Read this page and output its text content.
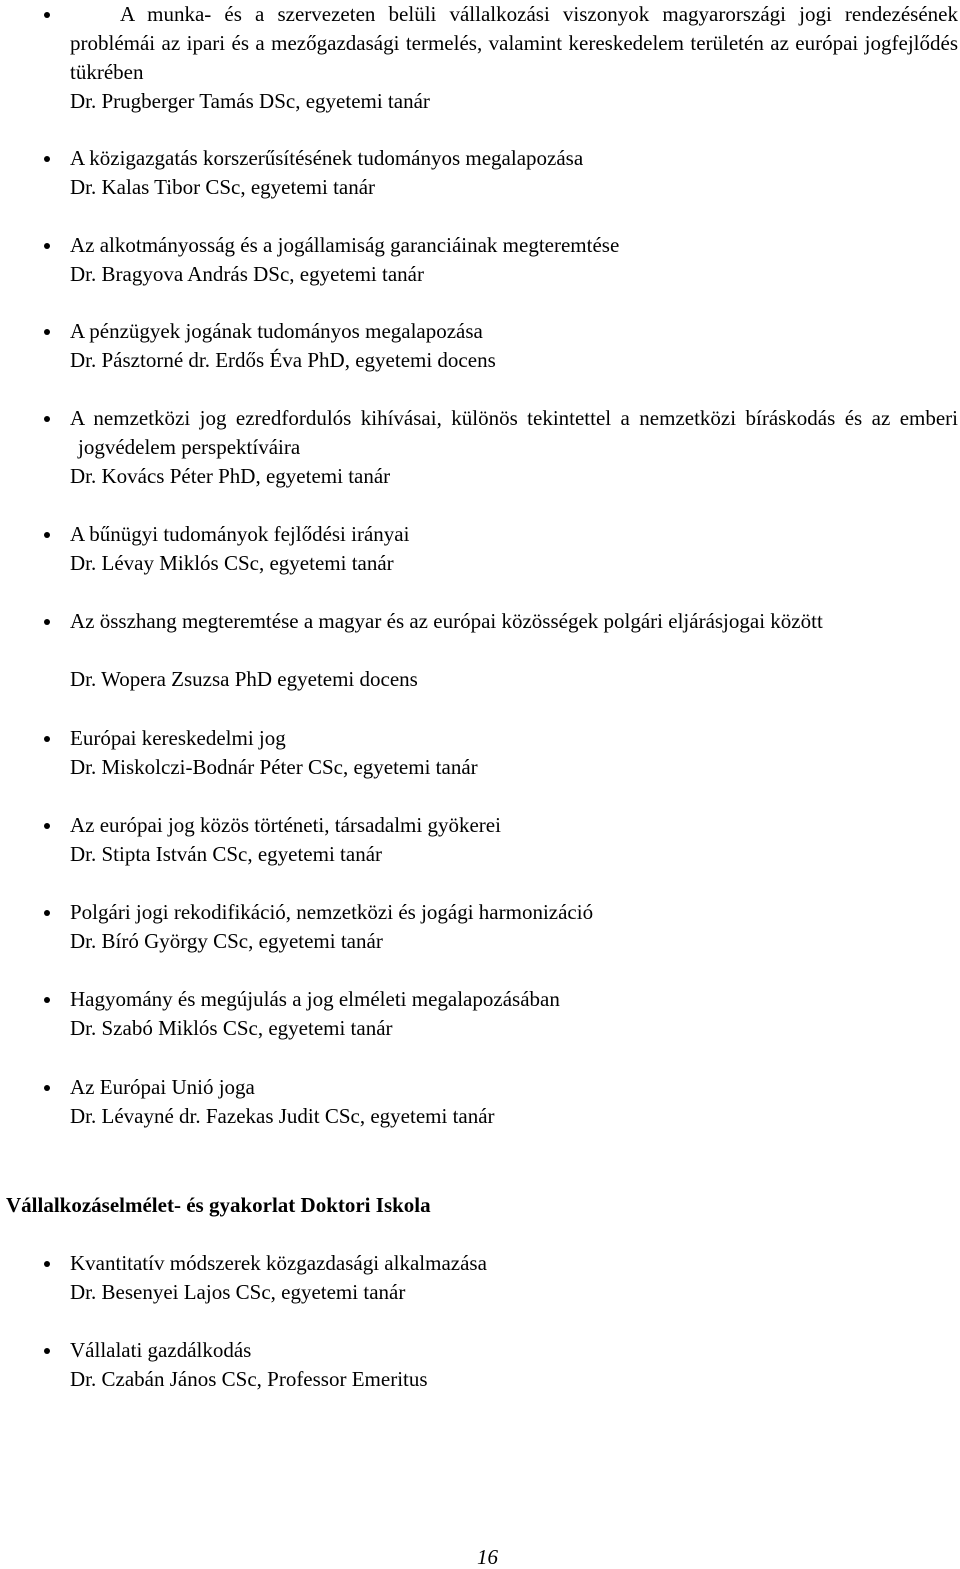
A munka- és a szervezeten belüli vállalkozási viszonyok magyarországi jogi rendezésének problémái az ipari és a mezőgazdasági termelés, valamint kereskedelem területén az európai jogfejlődés tükrében
Dr. Prugberger Tamás DSc, egyetemi tanár
A közigazgatás korszerűsítésének tudományos megalapozása
Dr. Kalas Tibor CSc, egyetemi tanár
Az alkotmányosság és a jogállamiság garanciáinak megteremtése
Dr. Bragyova András DSc, egyetemi tanár
A pénzügyek jogának tudományos megalapozása
Dr. Pásztorné dr. Erdős Éva PhD, egyetemi docens
A nemzetközi jog ezredfordulós kihívásai, különös tekintettel a nemzetközi bíráskodás és az emberi jogvédelem perspektíváira
Dr. Kovács Péter PhD, egyetemi tanár
A bűnügyi tudományok fejlődési irányai
Dr. Lévay Miklós CSc, egyetemi tanár
Az összhang megteremtése a magyar és az európai közösségek polgári eljárásjogai között
Dr. Wopera Zsuzsa PhD egyetemi docens
Európai kereskedelmi jog
Dr. Miskolczi-Bodnár Péter CSc, egyetemi tanár
Az európai jog közös történeti, társadalmi gyökerei
Dr. Stipta István CSc, egyetemi tanár
Polgári jogi rekodifikáció, nemzetközi és jogági harmonizáció
Dr. Bíró György CSc, egyetemi tanár
Hagyomány és megújulás a jog elméleti megalapozásában
Dr. Szabó Miklós CSc, egyetemi tanár
Az Európai Unió joga
Dr. Lévayné dr. Fazekas Judit CSc, egyetemi tanár
Vállalkozáselmélet- és gyakorlat Doktori Iskola
Kvantitatív módszerek közgazdasági alkalmazása
Dr. Besenyei Lajos CSc, egyetemi tanár
Vállalati gazdálkodás
Dr. Czabán János CSc, Professor Emeritus
16
